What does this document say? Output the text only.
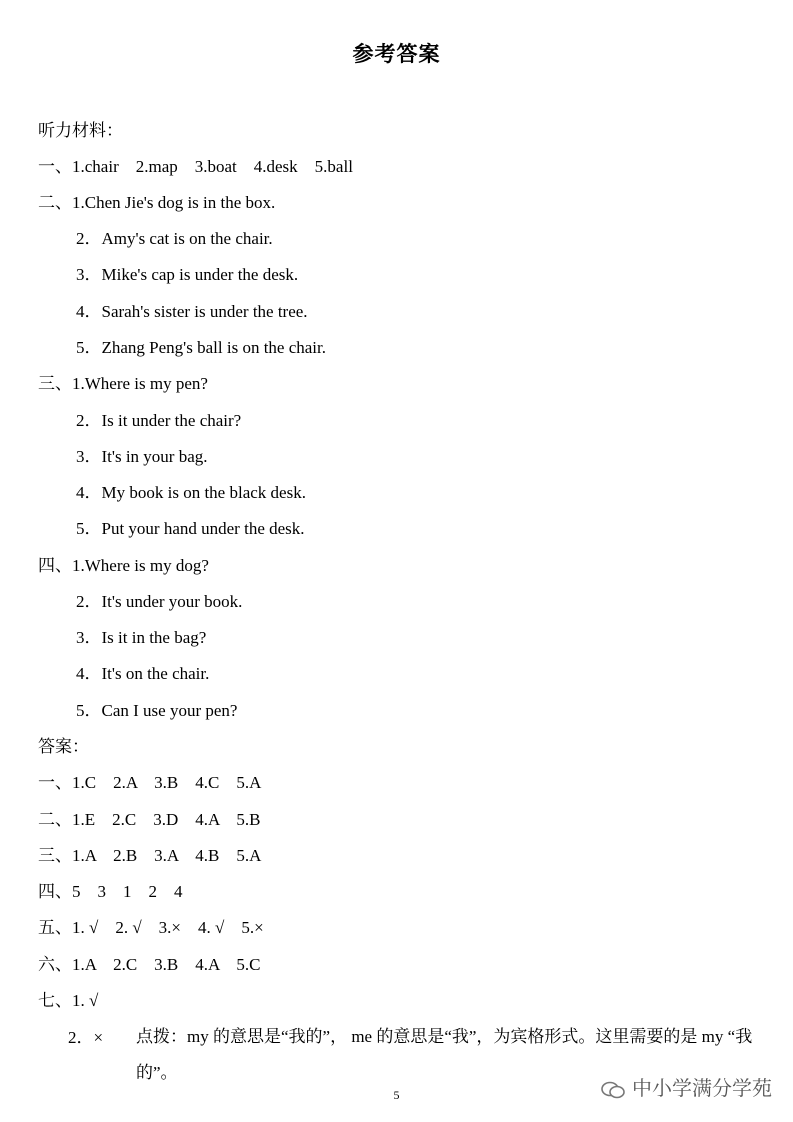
参考答案
听力材料：
一、1.chair　2.map　3.boat　4.desk　5.ball
二、1.Chen Jie's dog is in the box.
2．Amy's cat is on the chair.
3．Mike's cap is under the desk.
4．Sarah's sister is under the tree.
5．Zhang Peng's ball is on the chair.
三、1.Where is my pen?
2．Is it under the chair?
3．It's in your bag.
4．My book is on the black desk.
5．Put your hand under the desk.
四、1.Where is my dog?
2．It's under your book.
3．Is it in the bag?
4．It's on the chair.
5．Can I use your pen?
答案：
一、1.C　2.A　3.B　4.C　5.A
二、1.E　2.C　3.D　4.A　5.B
三、1.A　2.B　3.A　4.B　5.A
四、5　3　1　2　4
五、1. √　2. √　3.×　4. √　5.×
六、1.A　2.C　3.B　4.A　5.C
七、1. √
2．× 点拨：my 的意思是“我的”， me 的意思是“我”，为宾格形式。这里需要的是 my “我的”。
5	中小学满分学苑
